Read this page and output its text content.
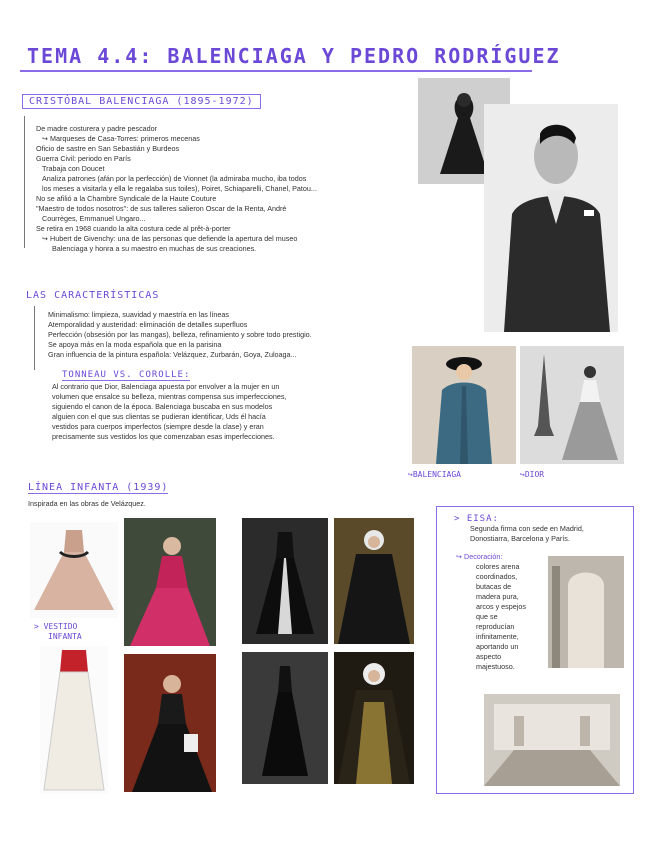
TEMA 4.4: BALENCIAGA Y PEDRO RODRÍGUEZ
CRISTÓBAL BALENCIAGA (1895-1972)
De madre costurera y padre pescador
↪ Marqueses de Casa-Torres: primeros mecenas
Oficio de sastre en San Sebastián y Burdeos
Guerra Civil: periodo en París
Trabaja con Doucet
Analiza patrones (afán por la perfección) de Vionnet (la admiraba mucho, iba todos
los meses a visitarla y ella le regalaba sus toiles), Poiret, Schiaparelli, Chanel, Patou...
No se afilió a la Chambre Syndicale de la Haute Couture
"Maestro de todos nosotros": de sus talleres salieron Oscar de la Renta, André
Courrèges, Emmanuel Ungaro...
Se retira en 1968 cuando la alta costura cede al prêt-à-porter
↪ Hubert de Givenchy: una de las personas que defiende la apertura del museo
Balenciaga y honra a su maestro en muchas de sus creaciones.
LAS CARACTERÍSTICAS
Minimalismo: limpieza, suavidad y maestría en las líneas
Atemporalidad y austeridad: eliminación de detalles superfluos
Perfección (obsesión por las mangas), belleza, refinamiento y sobre todo prestigio.
Se apoya más en la moda española que en la parisina
Gran influencia de la pintura española: Velázquez, Zurbarán, Goya, Zuloaga...
TONNEAU VS. COROLLE:
Al contrario que Dior, Balenciaga apuesta por envolver a la mujer en un
volumen que ensalce su belleza, mientras compensa sus imperfecciones,
siguiendo el canon de la época. Balenciaga buscaba en sus modelos
alguien con el que sus clientas se pudieran identificar, Uds él hacía
vestidos para cuerpos imperfectos (siempre desde la clase) y eran
precisamente sus vestidos los que comenzaban esas imperfecciones.
↪BALENCIAGA	↪DIOR
LÍNEA INFANTA (1939)
Inspirada en las obras de Velázquez.
> VESTIDO
INFANTA
> EISA:
Segunda firma con sede en Madrid,
Donostiarra, Barcelona y París.
↪ Decoración:
colores arena
coordinados,
butacas de
madera pura,
arcos y espejos
que se
reproducían
infinitamente,
aportando un
aspecto
majestuoso.
